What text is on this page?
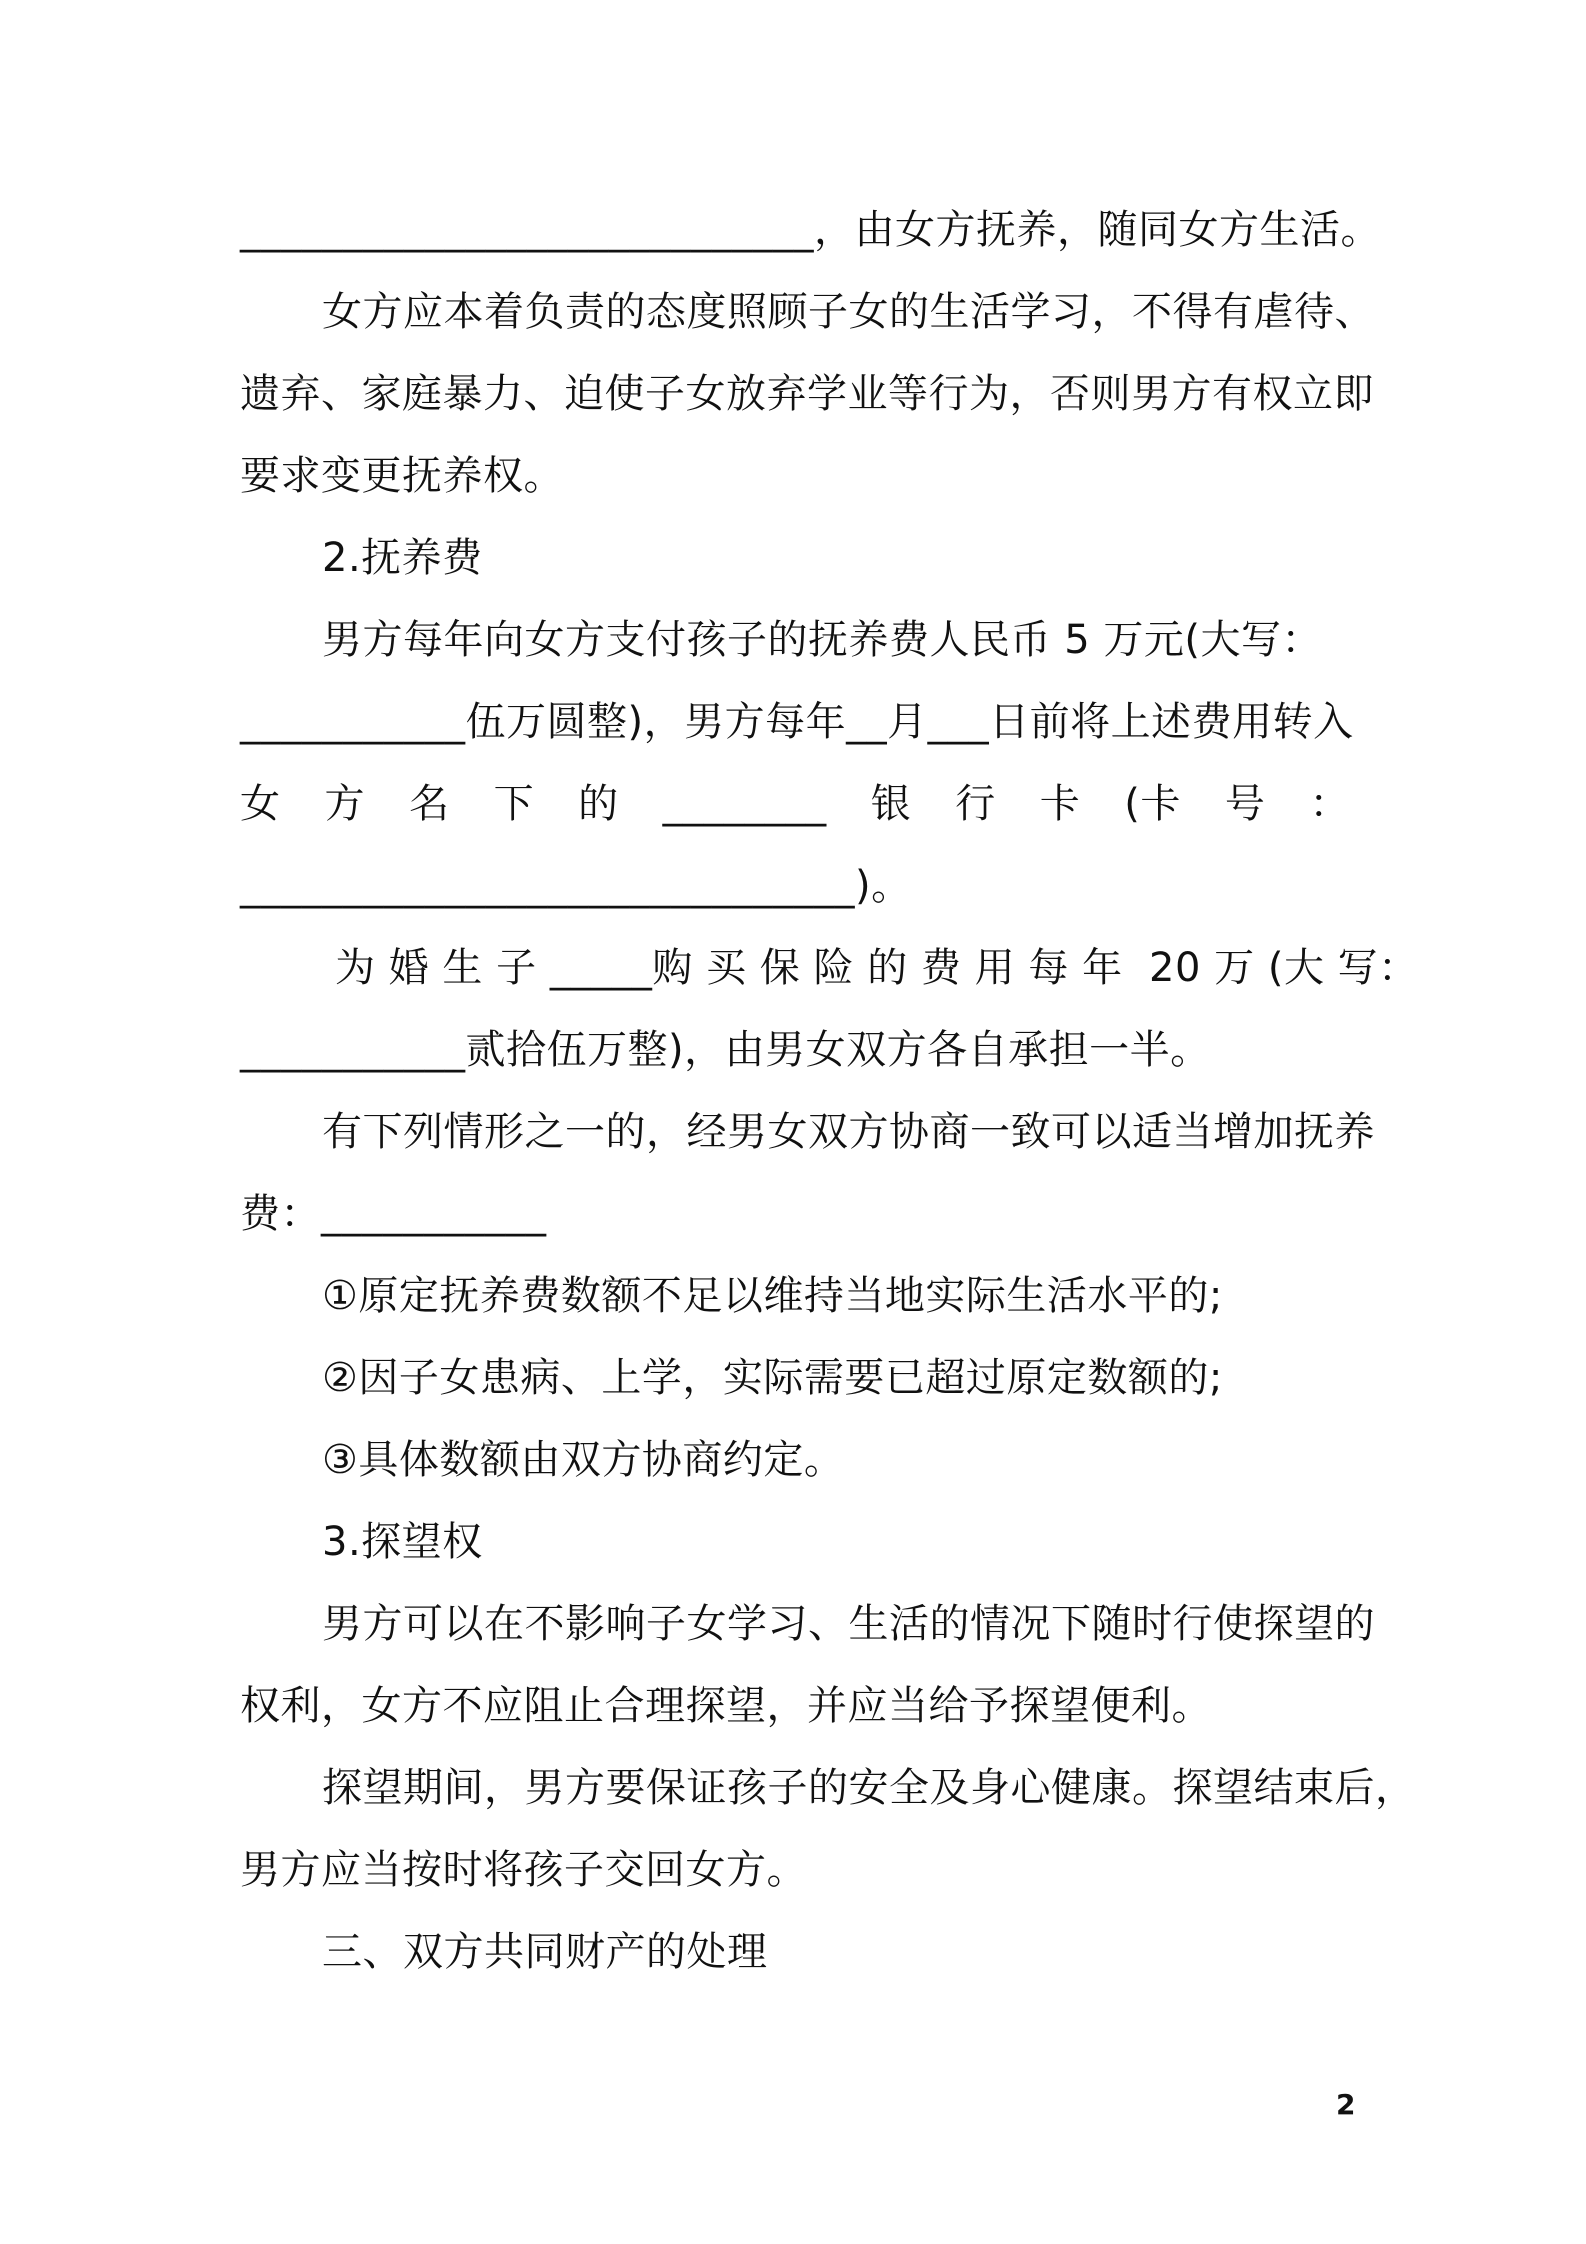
____________________________，由女方抚养，随同女方生活。
女方应本着负责的态度照顾子女的生活学习，不得有虐待、
遗弃、家庭暴力、迫使子女放弃学业等行为，否则男方有权立即
要求变更抚养权。
2.抚养费
男方每年向女方支付孩子的抚养费人民币 5 万元(大写：
___________伍万圆整)，男方每年__月___日前将上述费用转入
女 方 名 下 的 ________ 银 行 卡 (卡 号 ：
______________________________)。
为 婚 生 子 _____购 买 保 险 的 费 用 每 年  20 万 (大 写：
___________贰拾伍万整)，由男女双方各自承担一半。
有下列情形之一的，经男女双方协商一致可以适当增加抚养
费：___________
①原定抚养费数额不足以维持当地实际生活水平的;
②因子女患病、上学，实际需要已超过原定数额的;
③具体数额由双方协商约定。
3.探望权
男方可以在不影响子女学习、生活的情况下随时行使探望的
权利，女方不应阻止合理探望，并应当给予探望便利。
探望期间，男方要保证孩子的安全及身心健康。探望结束后，
男方应当按时将孩子交回女方。
三、双方共同财产的处理
2
